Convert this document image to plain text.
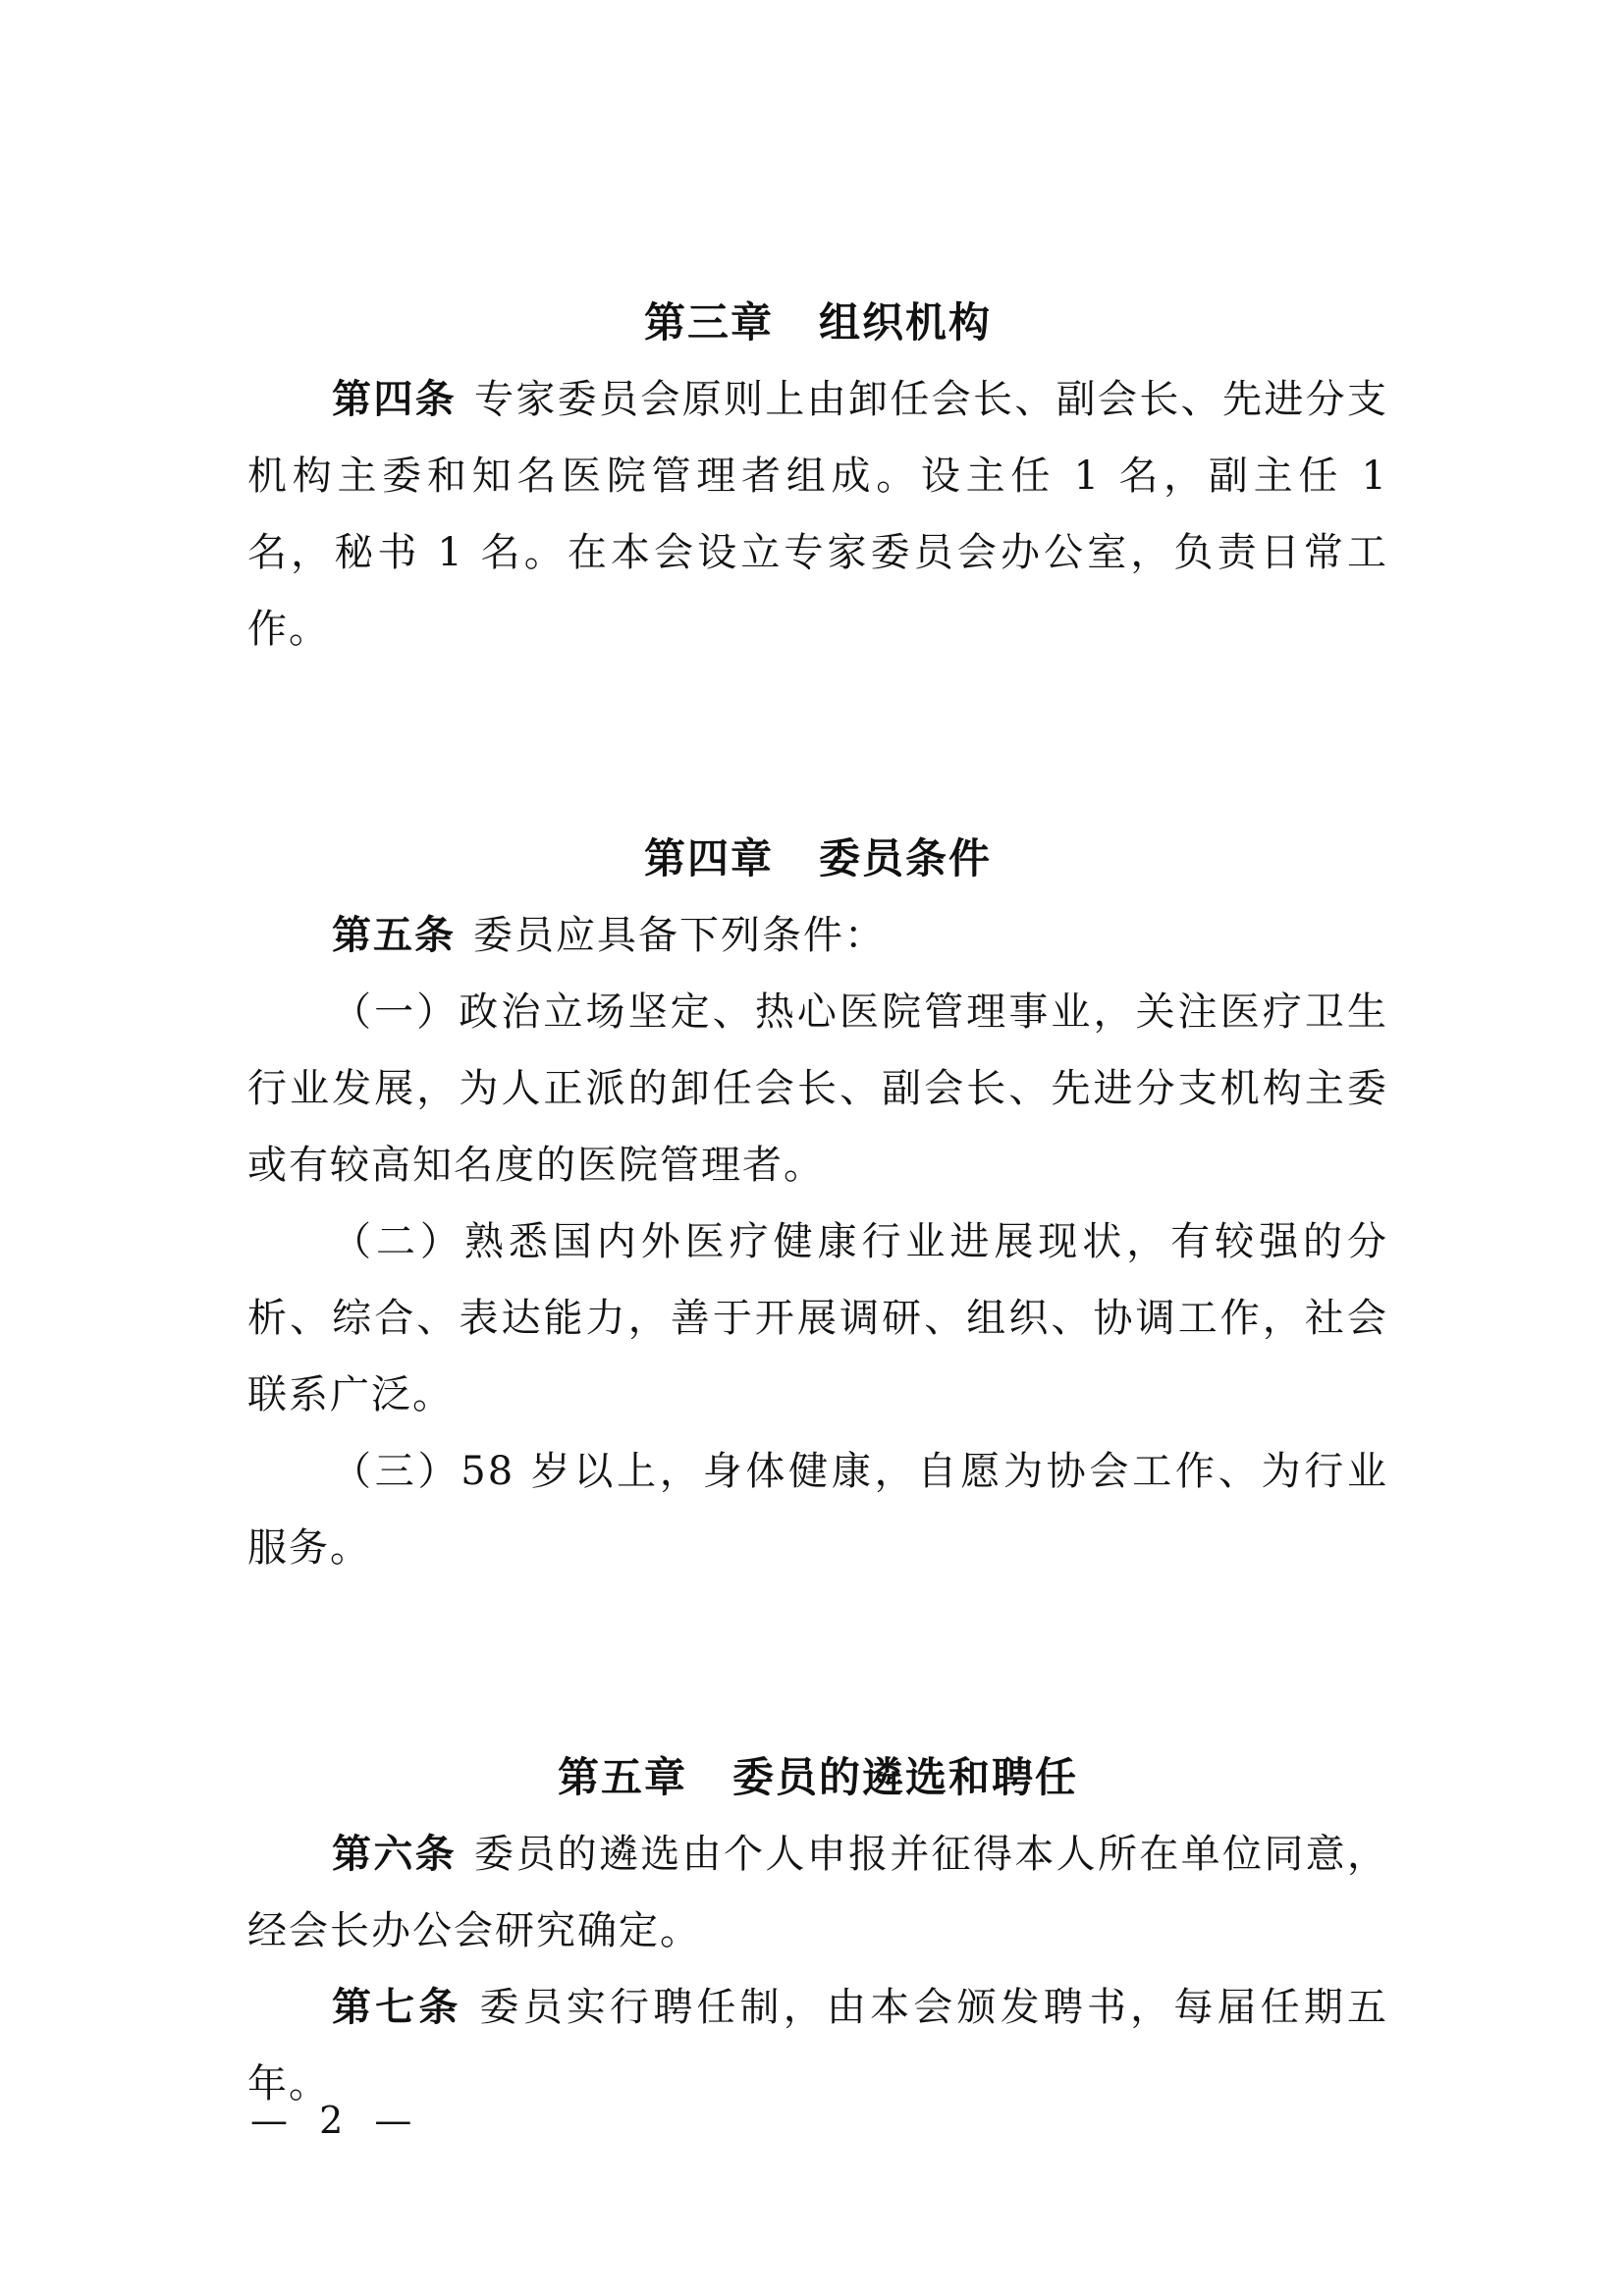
第三章 组织机构

第四条 专家委员会原则上由卸任会长、副会长、先进分支机构主委和知名医院管理者组成。设主任 1 名，副主任 1 名，秘书 1 名。在本会设立专家委员会办公室，负责日常工作。

第四章 委员条件

第五条 委员应具备下列条件：

（一）政治立场坚定、热心医院管理事业，关注医疗卫生行业发展，为人正派的卸任会长、副会长、先进分支机构主委或有较高知名度的医院管理者。

（二）熟悉国内外医疗健康行业进展现状，有较强的分析、综合、表达能力，善于开展调研、组织、协调工作，社会联系广泛。

（三）58 岁以上，身体健康，自愿为协会工作、为行业服务。

第五章 委员的遴选和聘任

第六条 委员的遴选由个人申报并征得本人所在单位同意，经会长办公会研究确定。

第七条 委员实行聘任制，由本会颁发聘书，每届任期五年。

— 2 —
